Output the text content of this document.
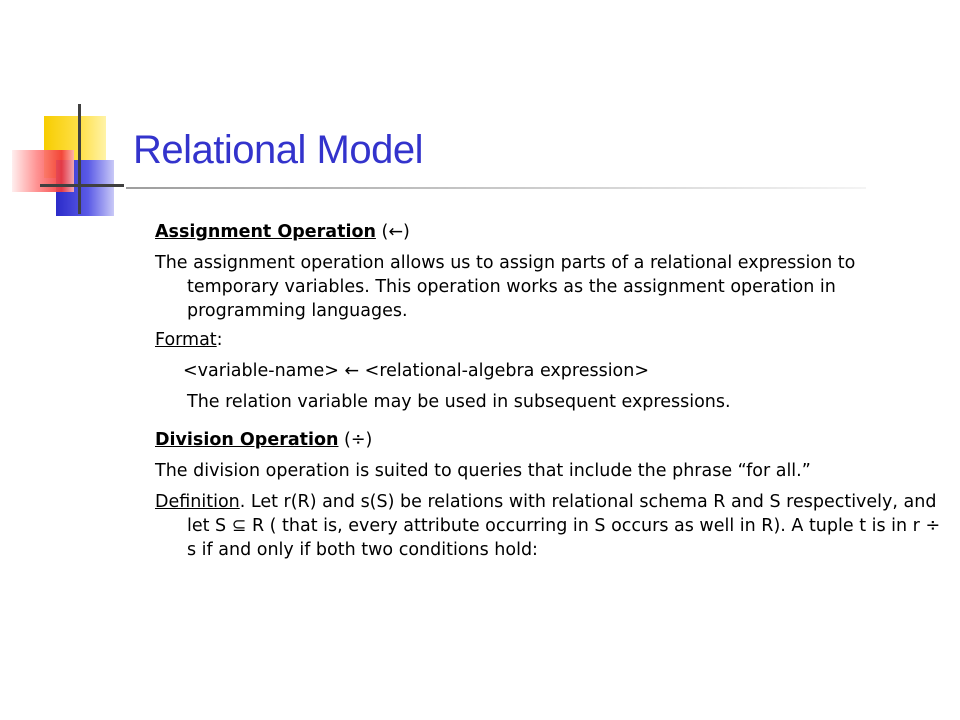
Relational Model

Assignment Operation (←)

The assignment operation allows us to assign parts of a relational expression to temporary variables. This operation works as the assignment operation in programming languages.

Format:

<variable-name> ← <relational-algebra expression>

The relation variable may be used in subsequent expressions.

Division Operation (÷)

The division operation is suited to queries that include the phrase “for all.”

Definition. Let r(R) and s(S) be relations with relational schema R and S respectively, and let S ⊆ R ( that is, every attribute occurring in S occurs as well in R). A tuple t is in r ÷ s if and only if both two conditions hold:
